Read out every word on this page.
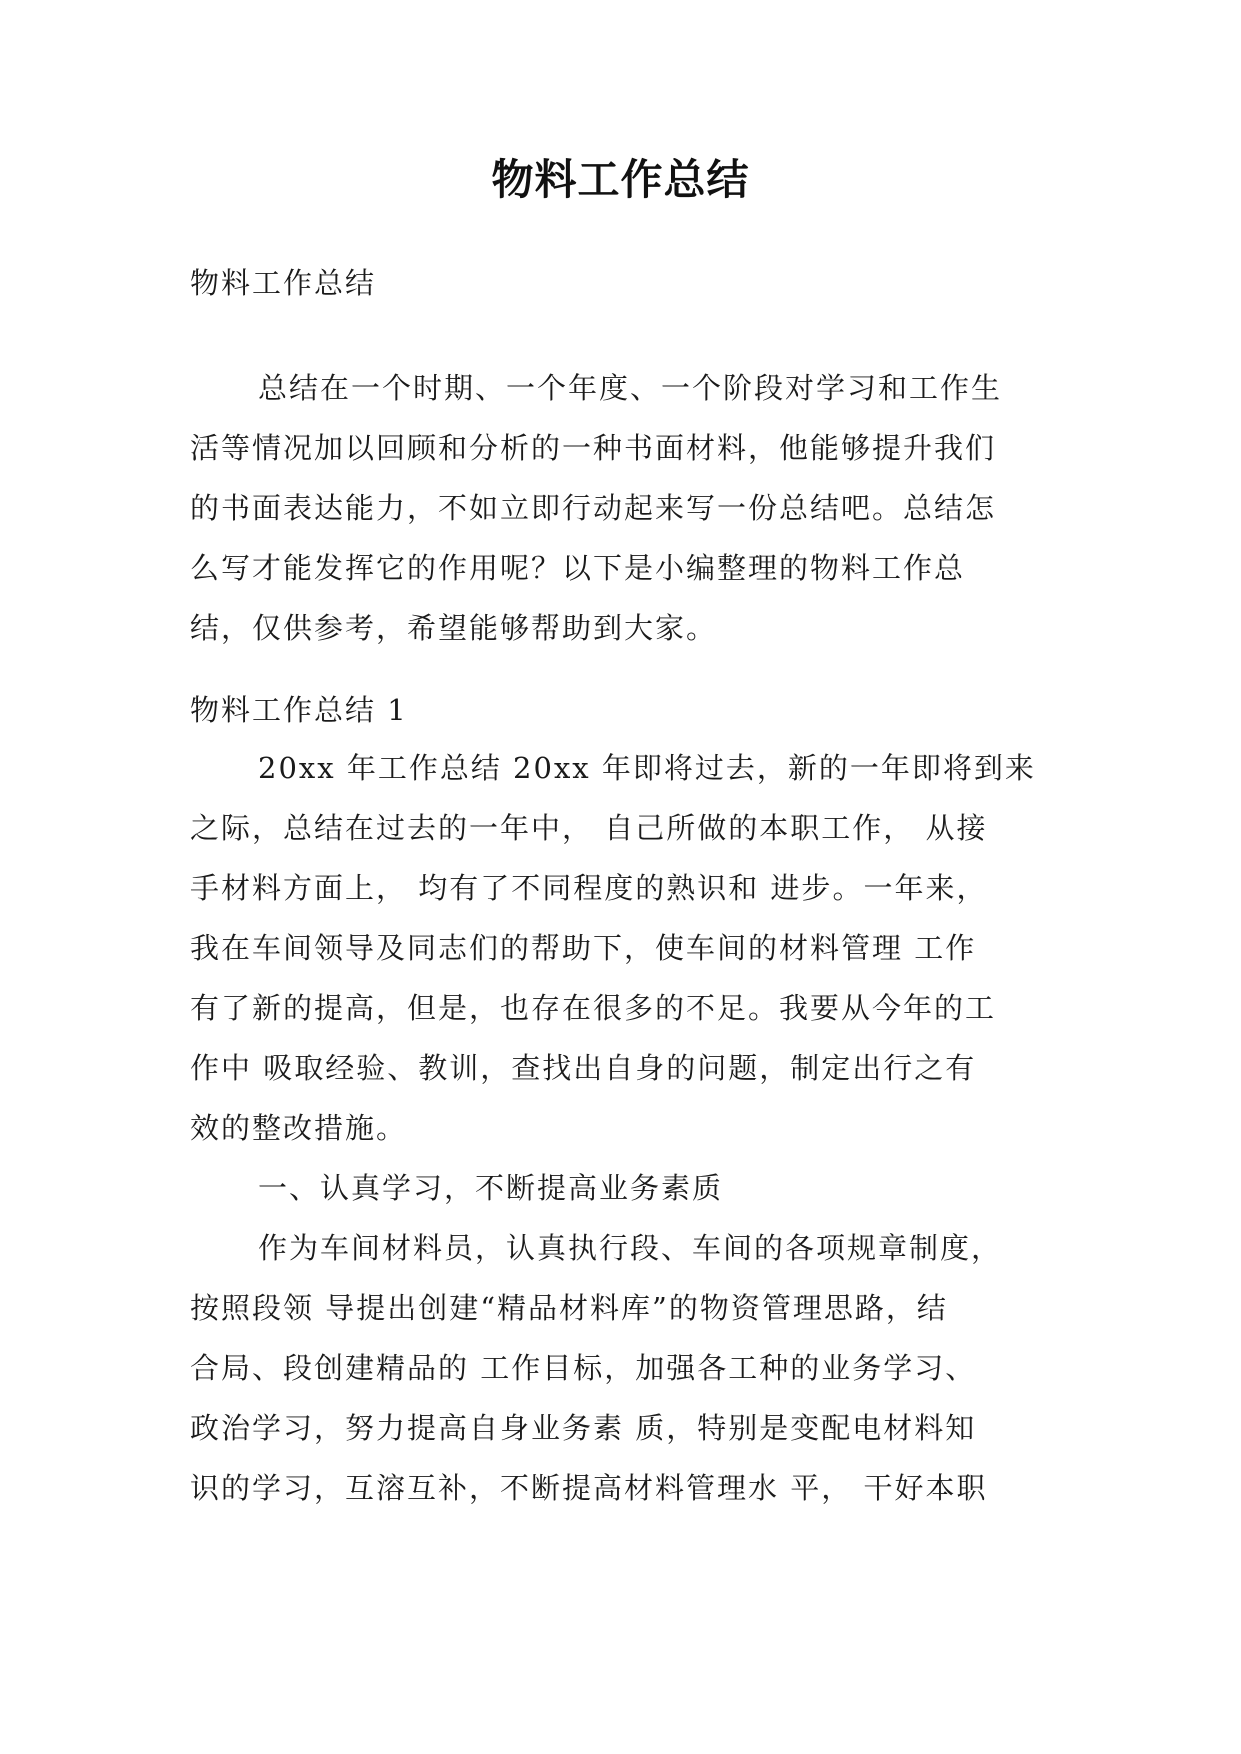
物料工作总结
物料工作总结
总结在一个时期、一个年度、一个阶段对学习和工作生
活等情况加以回顾和分析的一种书面材料，他能够提升我们
的书面表达能力，不如立即行动起来写一份总结吧。总结怎
么写才能发挥它的作用呢？以下是小编整理的物料工作总
结，仅供参考，希望能够帮助到大家。
物料工作总结 1
20xx 年工作总结 20xx 年即将过去，新的一年即将到来
之际，总结在过去的一年中， 自己所做的本职工作， 从接
手材料方面上， 均有了不同程度的熟识和 进步。一年来，
我在车间领导及同志们的帮助下，使车间的材料管理 工作
有了新的提高，但是，也存在很多的不足。我要从今年的工
作中 吸取经验、教训，查找出自身的问题，制定出行之有
效的整改措施。
一、认真学习，不断提高业务素质
作为车间材料员，认真执行段、车间的各项规章制度，
按照段领 导提出创建“精品材料库”的物资管理思路，结
合局、段创建精品的 工作目标，加强各工种的业务学习、
政治学习，努力提高自身业务素 质，特别是变配电材料知
识的学习，互溶互补，不断提高材料管理水 平， 干好本职
